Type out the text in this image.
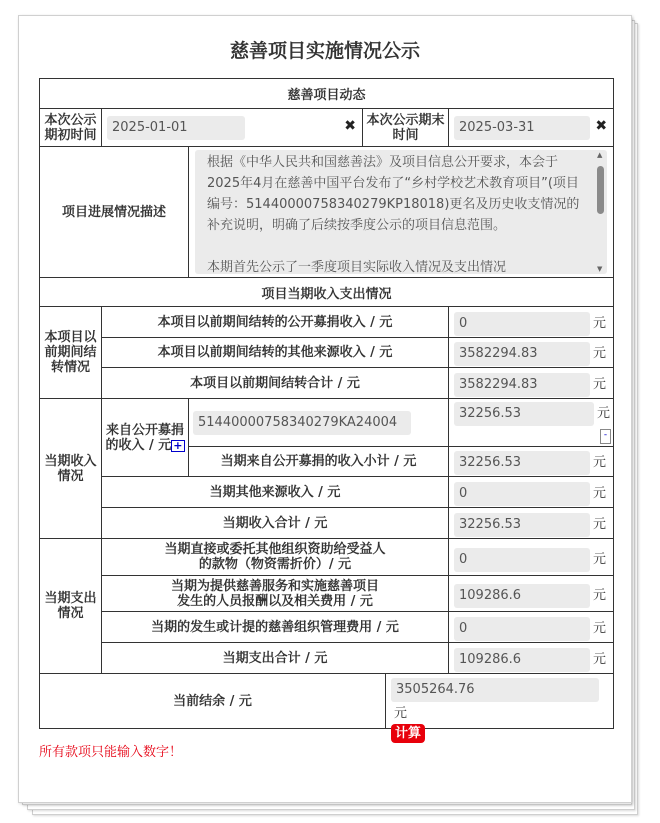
慈善项目实施情况公示
慈善项目动态					
本次公示期初时间	2025-01-01 ✖		本次公示期末时间		2025-03-31 ✖

项目进展情况描述		根据《中华人民共和国慈善法》及项目信息公开要求，本会于2025年4月在慈善中国平台发布了“乡村学校艺术教育项目”(项目编号：51440000758340279KP18018)更名及历史收支情况的补充说明，明确了后续按季度公示的项目信息范围。

本期首先公示了一季度项目实际收入情况及支出情况
▲
▼			

项目当期收入支出情况					
本项目以前期间结转情况	本项目以前期间结转的公开募捐收入 / 元				0 元

	本项目以前期间结转的其他来源收入 / 元				3582294.83 元

	本项目以前期间结转合计 / 元				3582294.83 元

当期收入情况	来自公开募捐的收入 / 元 +	51440000758340279KA24004			32256.53 元
-

		当期来自公开募捐的收入小计 / 元			32256.53 元

	当期其他来源收入 / 元				0 元

	当期收入合计 / 元				32256.53 元

当期支出情况	当期直接或委托其他组织资助给受益人
的款物（物资需折价）/ 元				0 元

	当期为提供慈善服务和实施慈善项目
发生的人员报酬以及相关费用 / 元				109286.6 元

	当期的发生或计提的慈善组织管理费用 / 元				0 元

	当期支出合计 / 元				109286.6 元

当前结余 / 元				3505264.76元
计算	
所有款项只能输入数字！
